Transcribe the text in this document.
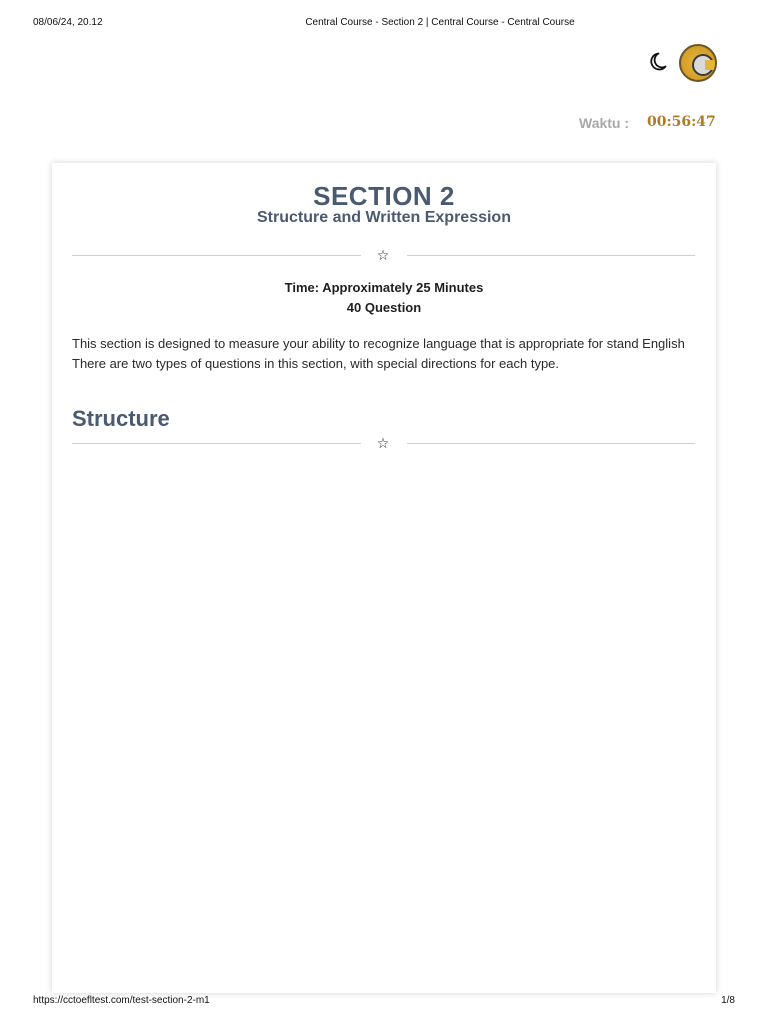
08/06/24, 20.12	Central Course - Section 2 | Central Course - Central Course
Waktu : 00:56:47
SECTION 2
Structure and Written Expression
☆
Time: Approximately 25 Minutes
40 Question
This section is designed to measure your ability to recognize language that is appropriate for stand English There are two types of questions in this section, with special directions for each type.
Structure
☆
https://cctoefltest.com/test-section-2-m1	1/8
